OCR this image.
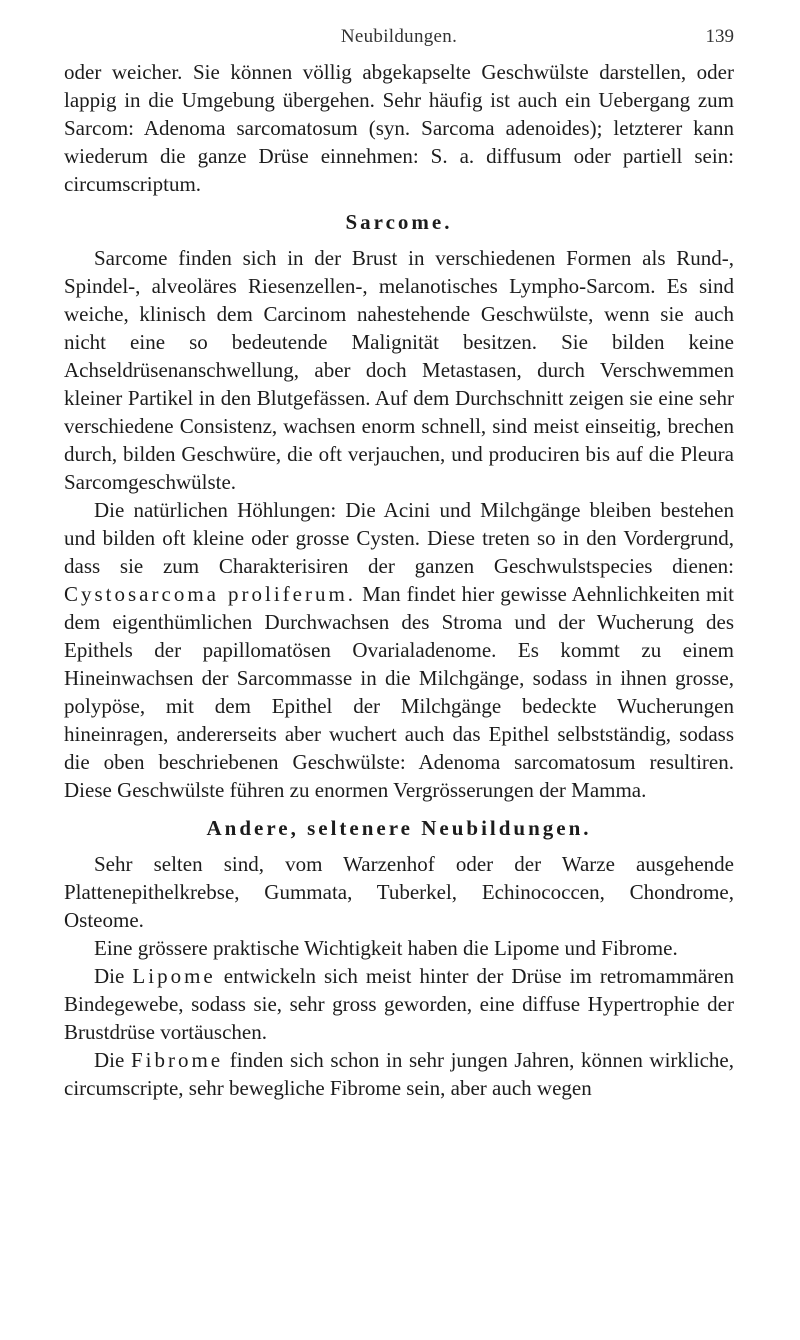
Neubildungen.	139

oder weicher. Sie können völlig abgekapselte Geschwülste darstellen, oder lappig in die Umgebung übergehen. Sehr häufig ist auch ein Uebergang zum Sarcom: Adenoma sarcomatosum (syn. Sarcoma adenoides); letzterer kann wiederum die ganze Drüse einnehmen: S. a. diffusum oder partiell sein: circumscriptum.

Sarcome.

Sarcome finden sich in der Brust in verschiedenen Formen als Rund-, Spindel-, alveoläres Riesenzellen-, melanotisches Lympho-Sarcom. Es sind weiche, klinisch dem Carcinom nahestehende Geschwülste, wenn sie auch nicht eine so bedeutende Malignität besitzen. Sie bilden keine Achseldrüsenanschwellung, aber doch Metastasen, durch Verschwemmen kleiner Partikel in den Blutgefässen. Auf dem Durchschnitt zeigen sie eine sehr verschiedene Consistenz, wachsen enorm schnell, sind meist einseitig, brechen durch, bilden Geschwüre, die oft verjauchen, und produciren bis auf die Pleura Sarcomgeschwülste.

Die natürlichen Höhlungen: Die Acini und Milchgänge bleiben bestehen und bilden oft kleine oder grosse Cysten. Diese treten so in den Vordergrund, dass sie zum Charakterisiren der ganzen Geschwulstspecies dienen: Cystosarcoma proliferum. Man findet hier gewisse Aehnlichkeiten mit dem eigenthümlichen Durchwachsen des Stroma und der Wucherung des Epithels der papillomatösen Ovarialadenome. Es kommt zu einem Hineinwachsen der Sarcommasse in die Milchgänge, sodass in ihnen grosse, polypöse, mit dem Epithel der Milchgänge bedeckte Wucherungen hineinragen, andererseits aber wuchert auch das Epithel selbstständig, sodass die oben beschriebenen Geschwülste: Adenoma sarcomatosum resultiren. Diese Geschwülste führen zu enormen Vergrösserungen der Mamma.

Andere, seltenere Neubildungen.

Sehr selten sind, vom Warzenhof oder der Warze ausgehende Plattenepithelkrebse, Gummata, Tuberkel, Echinococcen, Chondrome, Osteome.

Eine grössere praktische Wichtigkeit haben die Lipome und Fibrome.

Die Lipome entwickeln sich meist hinter der Drüse im retromammären Bindegewebe, sodass sie, sehr gross geworden, eine diffuse Hypertrophie der Brustdrüse vortäuschen.

Die Fibrome finden sich schon in sehr jungen Jahren, können wirkliche, circumscripte, sehr bewegliche Fibrome sein, aber auch wegen
